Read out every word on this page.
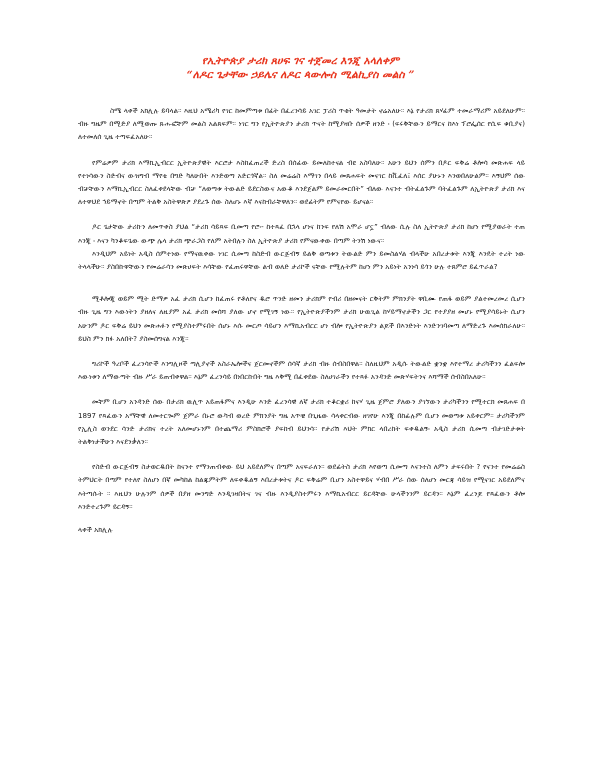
የኢትዮጵያ ታሪክ ጸሀፍ ገና ተጀመረ እንጂ አላለቀም
“ለዶር ጌታቸው ኃይሌና ለዶር ጳውሎስ ሚልኪያስ መልስ ”

ስሜ ላቀች አክሊሉ ይባላል። እዚህ አሜሪካ የገር ከመምጣቱ በፊት በፈረንሳይ አገር ፓሪስ ጥቂት ዓመታት ኖሬአለሁ። እኔ የታሪክ ጸሃፊም ተመራማሪም አይደለሁም። ብዙ ግዜም በሚድያ ለሚወጡ ጹሑፎቸም መልስ አልጸፍም። ነገር ግን የኢትዮጵያን ታሪክ ጥናት ከሚያዛቡ ሰዎች ዘንድ ፡ (ፍሩቅቸውን ይማርና ከእነ ፕሮፌሰር የሲፍ ቁቢያና) ለተመለሰ ጊዜ ተጣፍፈአለሁ።

የምሬዎም ታሪክ እማኪኢብርር ኢትዮጵያዊት እርሮታ እስከፈጠረች ድረስ በሰፊው ይመለከተናል ብዩ አስባለሁ። አሁን ይህን ሰምን በዶር ፍቅሬ ቶሎሳ መጽሐፍ ላይ የተነሳውን ስድብና ውዝግብ ማየቴ በግድ ካለሁበት እንድወጣ አድርጎኛል። ስለ መሬሬስ እማገን በላይ መጸሐፍት መናገር ከቪፈለ፤ እሰር ያሁኑን እንወበለሁልም። እኝህም ሰው ብቻቸውን እማኪኢብርር ስለፈቀደላቸው ብቻ “ለወጣቱ ትውልድ ይደርስውና አውቆ እንደጀልም ይመራመርበት” ብለው እናንተ ብትፈልጉም ባትፈልጉም ለኢትዮጵያ ታሪክ እና ለተዋህደ ኅይማኖት በጣም ትልቅ አስትዋጽዖ ያደረጉ ሰው ስለሆኑ እኛ እናከብራቸዋለን። ወደፊትም የምናየው ይሆናል።

ዶር ጌታቸው ታሪኩን ለመጥቀስ ያህል “ታሪክ ሳይጻፍ ቢመጣ የሮ፡- ከተጻፈ በኋላ ሆነና ከንፍ የለሽ አሞራ ሆኗ” ብለው ሲሉ ስለ ኢትዮጵያ ታሪክ ከሆነ የሚያወራት ተጠ እንጂ ፡ እናን ካንቆፍጌው ውጭ ሌላ ታሪክ ጭራጋስ የለም አትበሉን ስለ ኢትዮጵያ ታሪክ የምናውቀው በጣም ትንሽ ነውና።

እንዲህም አይነት አዲስ ሰምተነው የማናዉቀው ነገር ሲመጣ ከስድብ ውርጅብኝ ይልቅ ወጣቱን ትውልድ ምን ይመስልሃል ብላችሁ አበረታቱት እንጂ እንዴት ተረት ነው ትላላችሁ። ያስበኩዋቸውን የመሬራሳን መጽሀፍት እሳቸው የፈጠሩዋቸው ልብ ወለድ ታሪኮች ናቸው የሚሉትም ከሆነ ምን አይነት አንነሳ ይጎን ሁሉ ተጸምሮ ይፈጥራል?

ሚቶሎጂ ወይም ሚት ድማዎ አፈ ታሪክ ሲሆን ከፈጠሩ የቶለየና ዱሮ ጥንድ ዘመን ታሪክም የብሪ በዘመናት ርቅትም ምክንያት ዋቢሙ የጠፋ ወይም ያልተመረመረ ሲሆን ብዙ ጊዜ ግን እውነትን ያዘለና ለዚያም አፈ ታሪክ መሰሻ ያለው ሆኖ የሚገኝ ነው። የኢትዮጵያችንም ታሪክ ሁዉጊል ከሃይማኖታችን ጋር የተያያዘ መሆኑ የሚያሳይኑት ሲሆን አሁንም ዶር ፍቅሬ ይህን መጽሐፉን የሚያስተምሩበት ሰሆኑ እሱ መርጦ ሳይሆን እማኪአብርር ሆነ ብሎ የኢትዮጵያን ልጆች በእንድነት እንድንገባመጣ ለማድረጉ እመሰክራለሁ። ይህስ ምን ክፉ አለበት? ያስመሰግናል እንጂ።

ግሪኮች ዓረቦች ፈረንሳዮች እንግሊዞች ጣሊያኖች አስራኤሎችና ጀርመኖችም ሰሳኛ ታሪክ ብዙ ሰብስበዋል። ስለዚህም አዲሱ ትውልድ ቋንቋ እየተማረ ታሪካችንን ፈልፍሎ እውነቱን ለማውጣት ብዙ ሥራ ይጠብቀዋል። እኔም ፈረንሳይ በነበርኩበት ግዜ እቅሚ በፈቀደው ስለሀገራችን የተጻፉ አንዳንድ መጽሃፍትንና እሻማች ሰብስበአለሁ።

መቸም ቢሆን አንዳንድ ሰው በታሪክ ዉሊጥ አይጠፋምና እንዲሁ እንድ ፈረንሳዊ ለኛ ታሪክ ተቆርቋሪ ከናሃ ጊዜ ጀምሮ ያለውን ያገኘውን ታሪካችንን የሚተርክ መጸሐፍ በ 1897 የጻፈውን አማቸዊ ለመተርጐም ጀምራ በኑሮ ውካብ ወረድ ምክንያት ግዜ አጥቼ በጊዜው ሳላቀርብው ዘገየሁ እንጂ በከፊሉም ቢሆን መወጣቱ አይቀርም። ታሪካችንም የኢሊስ ወንደር ሳንድ ታሪክና ተረት አለመሆኑንም በተጨማሪ ምስክሮች ያፍከብ ይህንሳ። የታሪሽ እህት ምክር ላበረከት ፍቀዱልኝ፡ አዲስ ታሪክ ሲመጣ ብታገድታቱት ትልቅነታችሁን እናደንቃለን።

የስድብ ውርጅብኝ ስታወርዱበት ከናንተ የማንጠብቀው ይህ አይደለምና በጣም አናፍራለን። ወደፊትስ ታሪክ እየወጣ ሲመጣ እናንተስ ለምን ታፍሩበት ? የናንተ የመሬሬስ ትምህርት በጣም የተለየ ስለሆነ በኛ መካከል ከልጁምትም ለፍቀዱልኝ እበረታቱትና ዶር ፍቅሬም ቢሆን አስተዋይና ሃብበ ሥራ ሰው ሰለሆነ መርጃ ሳይዝ የሚናገር አይደለምና እትጣሱት ። እዚህን ሁሉንም ሰዎች በያዘ መንግድ እንዲገዛበትና ገና ብዙ እንዲያስተምሩን እማኪአብርር ይርዳቸው ሁላችንንም ይርዳን። እኔም ፈረንጆ የጻፈውን ቶሎ እንድተረጉም ይርዳኝ።

ላቀች አክሊሉ
